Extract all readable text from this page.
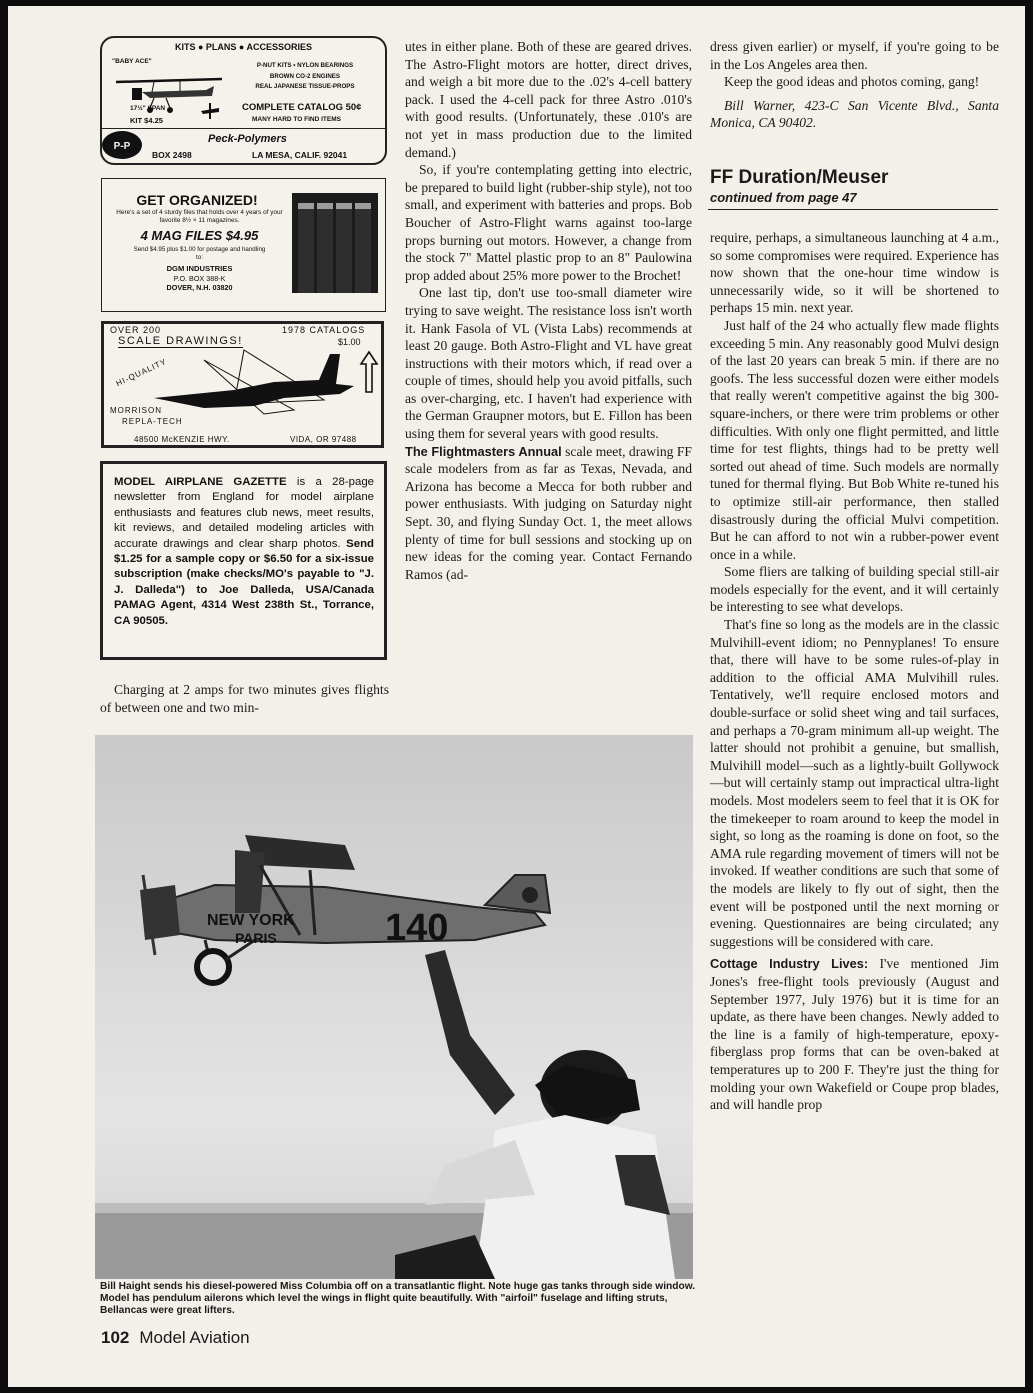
KITS ● PLANS ● ACCESSORIES
"BABY ACE"
P-NUT KITS • NYLON BEARINGS
BROWN CO-2 ENGINES
REAL JAPANESE TISSUE-PROPS
17½" SPAN
KIT $4.25
COMPLETE CATALOG 50¢
MANY HARD TO FIND ITEMS
P-P
Peck-Polymers
BOX 2498	LA MESA, CALIF. 92041
GET ORGANIZED!
Here's a set of 4 sturdy files that holds over 4 years of your favorite 8½ × 11 magazines.
4 MAG FILES $4.95
Send $4.95 plus $1.00 for postage and handling to:
DGM INDUSTRIES
P.O. BOX 388-K
DOVER, N.H. 03820
OVER 200	1978 CATALOGS
SCALE DRAWINGS!	$1.00
HI-QUALITY
MORRISON
REPLA-TECH
48500 McKENZIE HWY.	VIDA, OR 97488
MODEL AIRPLANE GAZETTE is a 28-page newsletter from England for model airplane enthusiasts and features club news, meet results, kit reviews, and detailed modeling articles with accurate drawings and clear sharp photos. Send $1.25 for a sample copy or $6.50 for a six-issue subscription (make checks/MO's payable to "J. J. Dalleda") to Joe Dalleda, USA/Canada PAMAG Agent, 4314 West 238th St., Torrance, CA 90505.

Charging at 2 amps for two minutes gives flights of between one and two min-

utes in either plane. Both of these are geared drives. The Astro-Flight motors are hotter, direct drives, and weigh a bit more due to the .02's 4-cell battery pack. I used the 4-cell pack for three Astro .010's with good results. (Unfortunately, these .010's are not yet in mass production due to the limited demand.)

So, if you're contemplating getting into electric, be prepared to build light (rubber-ship style), not too small, and experiment with batteries and props. Bob Boucher of Astro-Flight warns against too-large props burning out motors. However, a change from the stock 7" Mattel plastic prop to an 8" Paulowina prop added about 25% more power to the Brochet!

One last tip, don't use too-small diameter wire trying to save weight. The resistance loss isn't worth it. Hank Fasola of VL (Vista Labs) recommends at least 20 gauge. Both Astro-Flight and VL have great instructions with their motors which, if read over a couple of times, should help you avoid pitfalls, such as over-charging, etc. I haven't had experience with the German Graupner motors, but E. Fillon has been using them for several years with good results.

The Flightmasters Annual scale meet, drawing FF scale modelers from as far as Texas, Nevada, and Arizona has become a Mecca for both rubber and power enthusiasts. With judging on Saturday night Sept. 30, and flying Sunday Oct. 1, the meet allows plenty of time for bull sessions and stocking up on new ideas for the coming year. Contact Fernando Ramos (ad-

dress given earlier) or myself, if you're going to be in the Los Angeles area then.

Keep the good ideas and photos coming, gang!

Bill Warner, 423-C San Vicente Blvd., Santa Monica, CA 90402.

FF Duration/Meuser
continued from page 47

require, perhaps, a simultaneous launching at 4 a.m., so some compromises were required. Experience has now shown that the one-hour time window is unnecessarily wide, so it will be shortened to perhaps 15 min. next year.

Just half of the 24 who actually flew made flights exceeding 5 min. Any reasonably good Mulvi design of the last 20 years can break 5 min. if there are no goofs. The less successful dozen were either models that really weren't competitive against the big 300-square-inchers, or there were trim problems or other difficulties. With only one flight permitted, and little time for test flights, things had to be pretty well sorted out ahead of time. Such models are normally tuned for thermal flying. But Bob White re-tuned his to optimize still-air performance, then stalled disastrously during the official Mulvi competition. But he can afford to not win a rubber-power event once in a while.

Some fliers are talking of building special still-air models especially for the event, and it will certainly be interesting to see what develops.

That's fine so long as the models are in the classic Mulvihill-event idiom; no Pennyplanes! To ensure that, there will have to be some rules-of-play in addition to the official AMA Mulvihill rules. Tentatively, we'll require enclosed motors and double-surface or solid sheet wing and tail surfaces, and perhaps a 70-gram minimum all-up weight. The latter should not prohibit a genuine, but smallish, Mulvihill model—such as a lightly-built Gollywock—but will certainly stamp out impractical ultra-light models. Most modelers seem to feel that it is OK for the timekeeper to roam around to keep the model in sight, so long as the roaming is done on foot, so the AMA rule regarding movement of timers will not be invoked. If weather conditions are such that some of the models are likely to fly out of sight, then the event will be postponed until the next morning or evening. Questionnaires are being circulated; any suggestions will be considered with care.

Cottage Industry Lives: I've mentioned Jim Jones's free-flight tools previously (August and September 1977, July 1976) but it is time for an update, as there have been changes. Newly added to the line is a family of high-temperature, epoxy-fiberglass prop forms that can be oven-baked at temperatures up to 200 F. They're just the thing for molding your own Wakefield or Coupe prop blades, and will handle prop

NEW YORK
PARIS	140
Bill Haight sends his diesel-powered Miss Columbia off on a transatlantic flight. Note huge gas tanks through side window. Model has pendulum ailerons which level the wings in flight quite beautifully. With "airfoil" fuselage and lifting struts, Bellancas were great lifters.
102 Model Aviation
